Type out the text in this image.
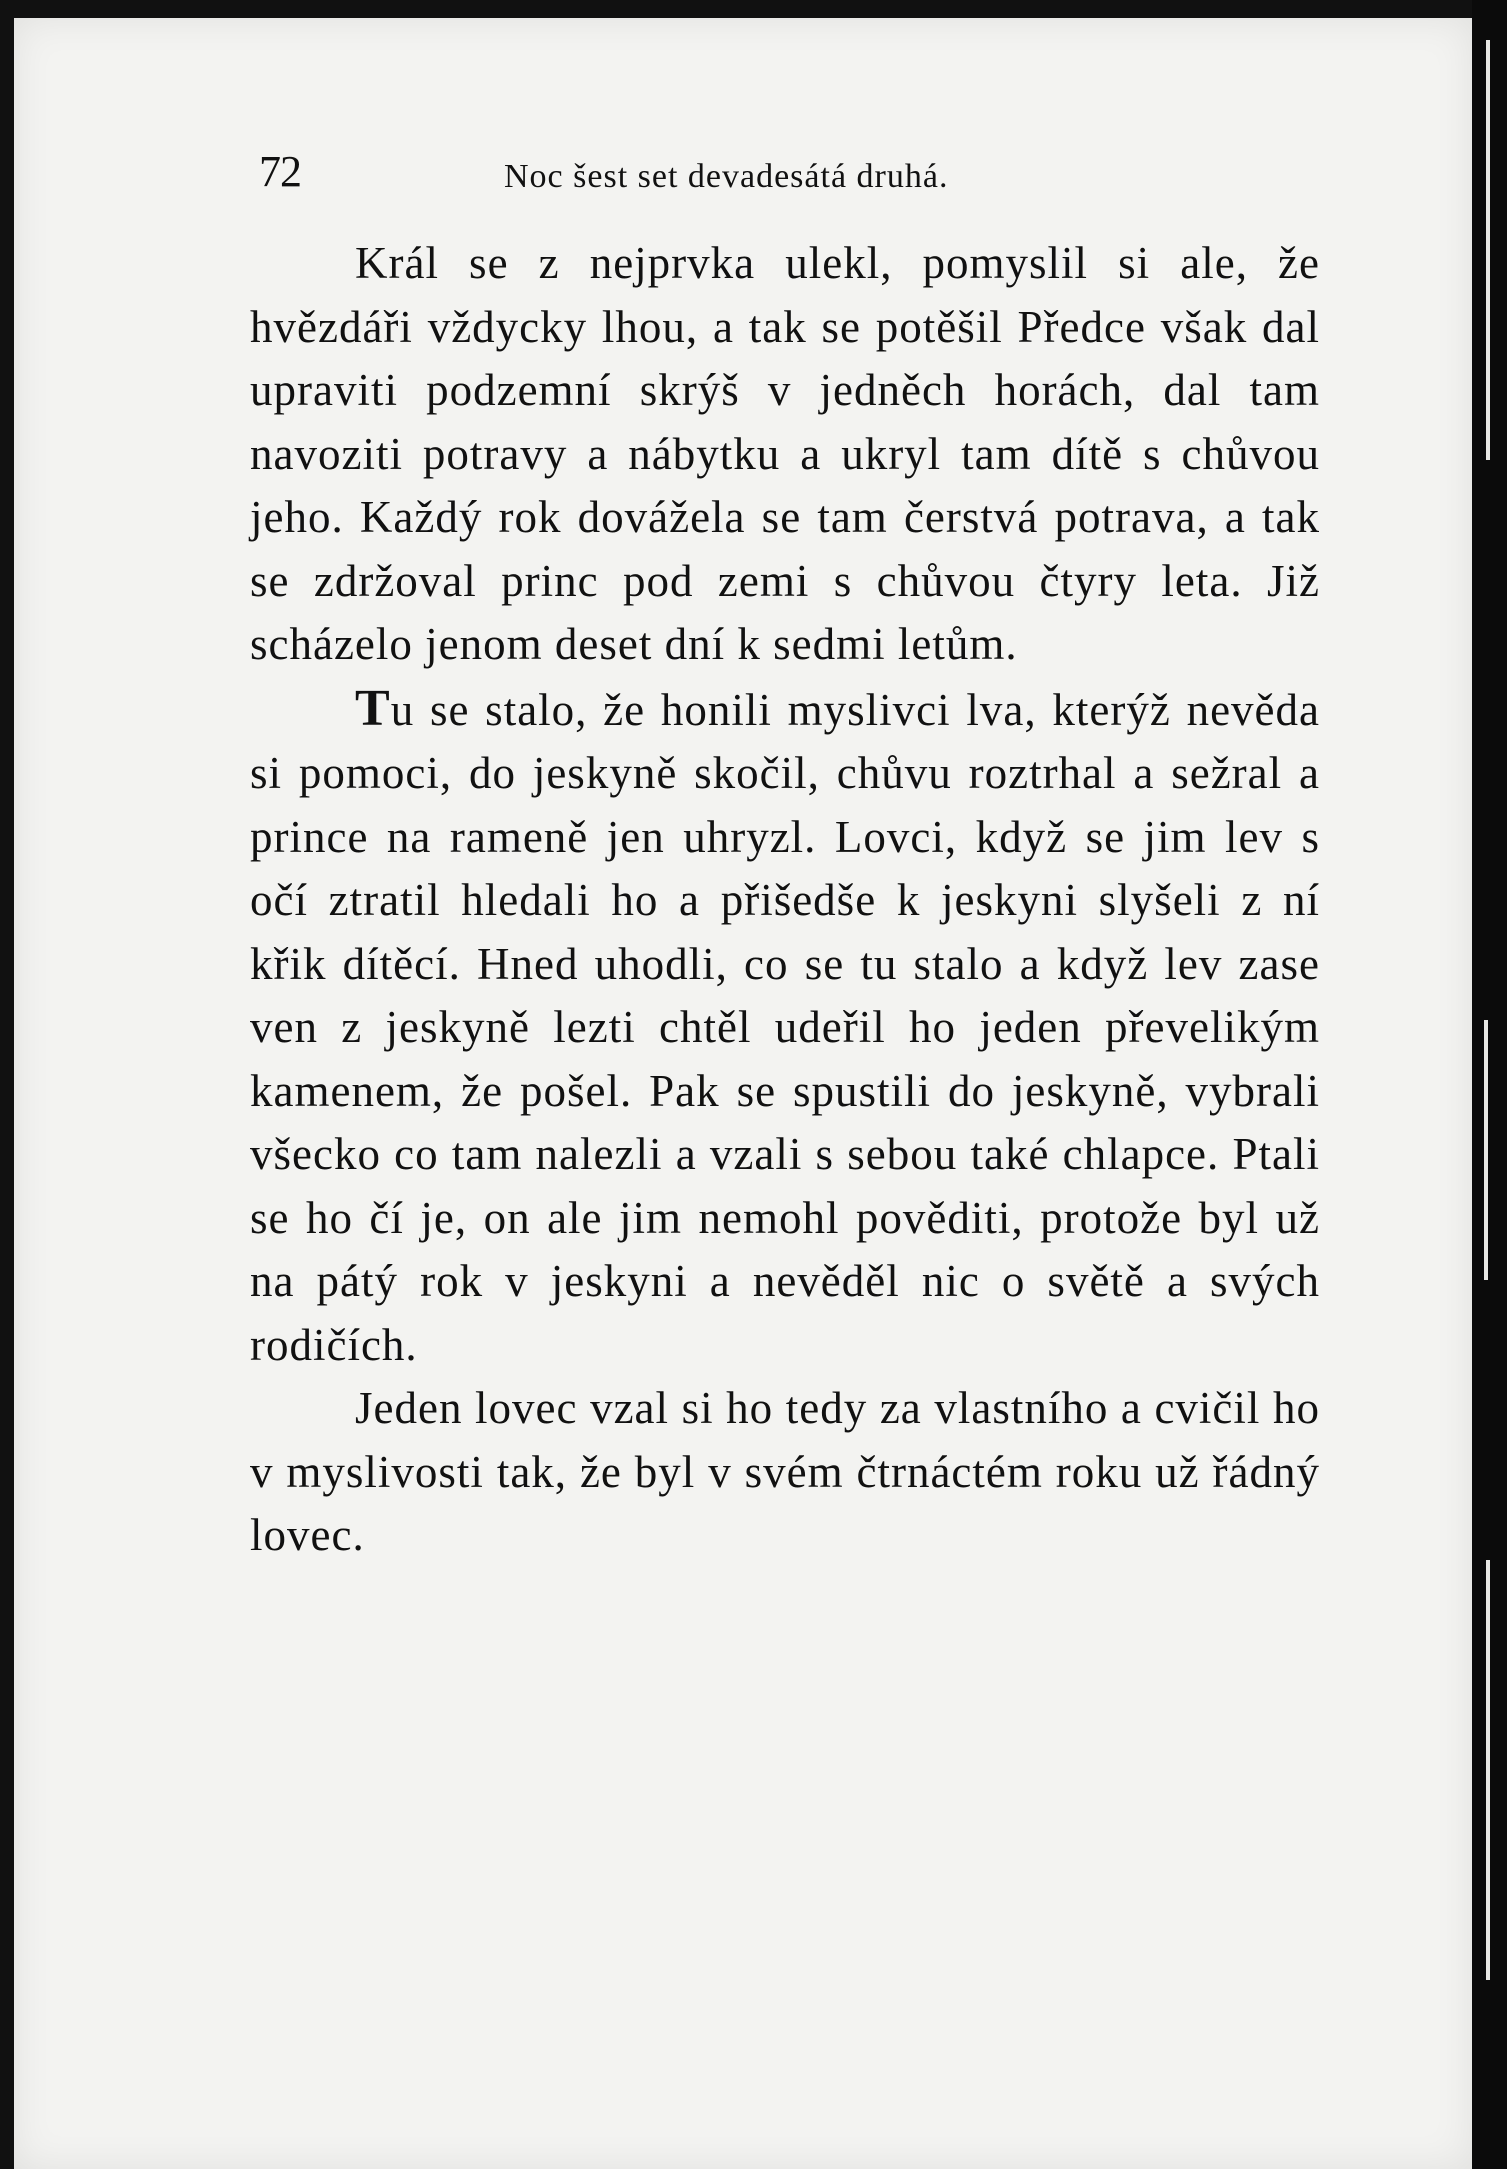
72	Noc šest set devadesátá druhá.

Král se z nejprvka ulekl, pomyslil si ale, že hvězdáři vždycky lhou, a tak se potěšil Předce však dal upraviti podzemní skrýš v jedněch horách, dal tam navoziti potravy a nábytku a ukryl tam dítě s chůvou jeho. Každý rok dovážela se tam čerstvá potrava, a tak se zdržoval princ pod zemi s chůvou čtyry leta. Již scházelo jenom deset dní k sedmi letům.

Tu se stalo, že honili myslivci lva, kterýž nevěda si pomoci, do jeskyně skočil, chůvu roztrhal a sežral a prince na rameně jen uhryzl. Lovci, když se jim lev s očí ztratil hledali ho a přišedše k jeskyni slyšeli z ní křik dítěcí. Hned uhodli, co se tu stalo a když lev zase ven z jeskyně lezti chtěl udeřil ho jeden převelikým kamenem, že pošel. Pak se spustili do jeskyně, vybrali všecko co tam nalezli a vzali s sebou také chlapce. Ptali se ho čí je, on ale jim nemohl pověditi, protože byl už na pátý rok v jeskyni a nevěděl nic o světě a svých rodičích.

Jeden lovec vzal si ho tedy za vlastního a cvičil ho v myslivosti tak, že byl v svém čtrnáctém roku už řádný lovec.
